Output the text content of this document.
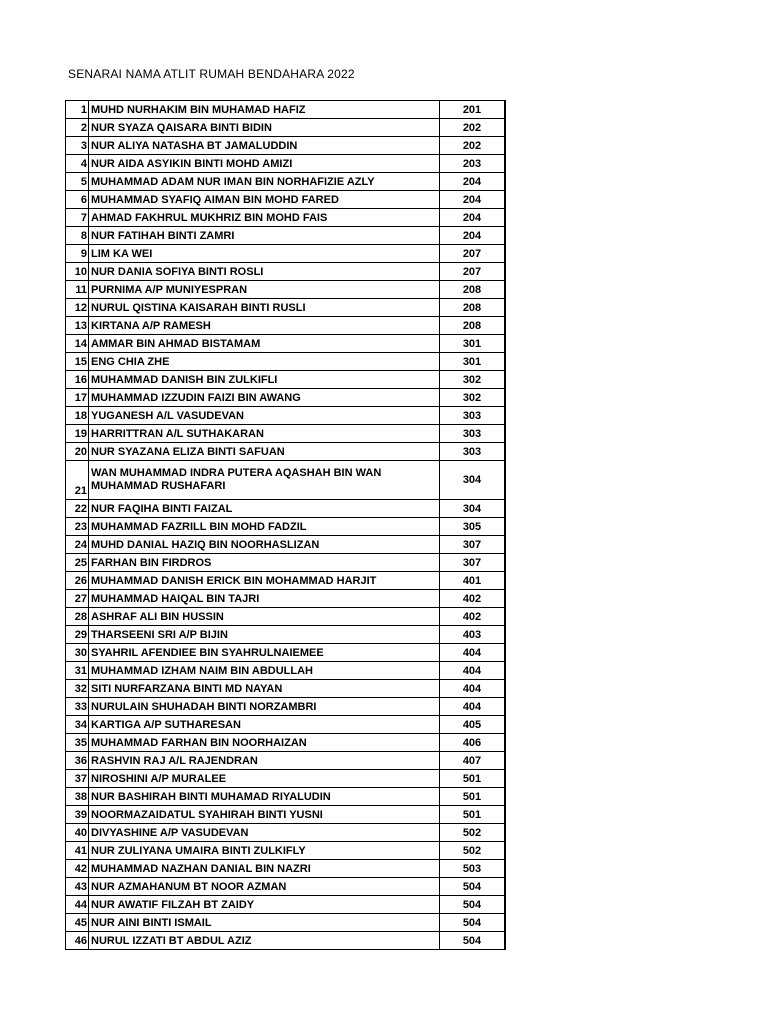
SENARAI NAMA ATLIT RUMAH BENDAHARA 2022
1	MUHD NURHAKIM BIN MUHAMAD HAFIZ	201
2	NUR SYAZA QAISARA BINTI BIDIN	202
3	NUR ALIYA NATASHA BT JAMALUDDIN	202
4	NUR AIDA ASYIKIN BINTI MOHD AMIZI	203
5	MUHAMMAD ADAM NUR IMAN BIN NORHAFIZIE AZLY	204
6	MUHAMMAD SYAFIQ AIMAN BIN MOHD FARED	204
7	AHMAD FAKHRUL MUKHRIZ BIN MOHD FAIS	204
8	NUR FATIHAH BINTI ZAMRI	204
9	LIM KA WEI	207
10	NUR DANIA SOFIYA BINTI ROSLI	207
11	PURNIMA A/P MUNIYESPRAN	208
12	NURUL QISTINA KAISARAH BINTI RUSLI	208
13	KIRTANA A/P RAMESH	208
14	AMMAR BIN AHMAD BISTAMAM	301
15	ENG CHIA ZHE	301
16	MUHAMMAD DANISH BIN ZULKIFLI	302
17	MUHAMMAD IZZUDIN FAIZI BIN AWANG	302
18	YUGANESH A/L VASUDEVAN	303
19	HARRITTRAN A/L SUTHAKARAN	303
20	NUR SYAZANA ELIZA BINTI SAFUAN	303
21	WAN MUHAMMAD INDRA PUTERA AQASHAH BIN WAN MUHAMMAD RUSHAFARI	304
22	NUR FAQIHA BINTI FAIZAL	304
23	MUHAMMAD FAZRILL BIN MOHD FADZIL	305
24	MUHD DANIAL HAZIQ BIN NOORHASLIZAN	307
25	FARHAN BIN FIRDROS	307
26	MUHAMMAD DANISH ERICK BIN MOHAMMAD HARJIT	401
27	MUHAMMAD HAIQAL BIN TAJRI	402
28	ASHRAF ALI BIN HUSSIN	402
29	THARSEENI SRI A/P BIJIN	403
30	SYAHRIL AFENDIEE BIN SYAHRULNAIEMEE	404
31	MUHAMMAD IZHAM NAIM BIN ABDULLAH	404
32	SITI NURFARZANA BINTI MD NAYAN	404
33	NURULAIN SHUHADAH BINTI NORZAMBRI	404
34	KARTIGA A/P SUTHARESAN	405
35	MUHAMMAD FARHAN BIN NOORHAIZAN	406
36	RASHVIN RAJ A/L RAJENDRAN	407
37	NIROSHINI A/P MURALEE	501
38	NUR BASHIRAH BINTI MUHAMAD RIYALUDIN	501
39	NOORMAZAIDATUL SYAHIRAH BINTI YUSNI	501
40	DIVYASHINE A/P VASUDEVAN	502
41	NUR ZULIYANA UMAIRA BINTI ZULKIFLY	502
42	MUHAMMAD NAZHAN DANIAL BIN NAZRI	503
43	NUR AZMAHANUM BT NOOR AZMAN	504
44	NUR AWATIF FILZAH BT ZAIDY	504
45	NUR AINI BINTI ISMAIL	504
46	NURUL IZZATI BT ABDUL AZIZ	504
